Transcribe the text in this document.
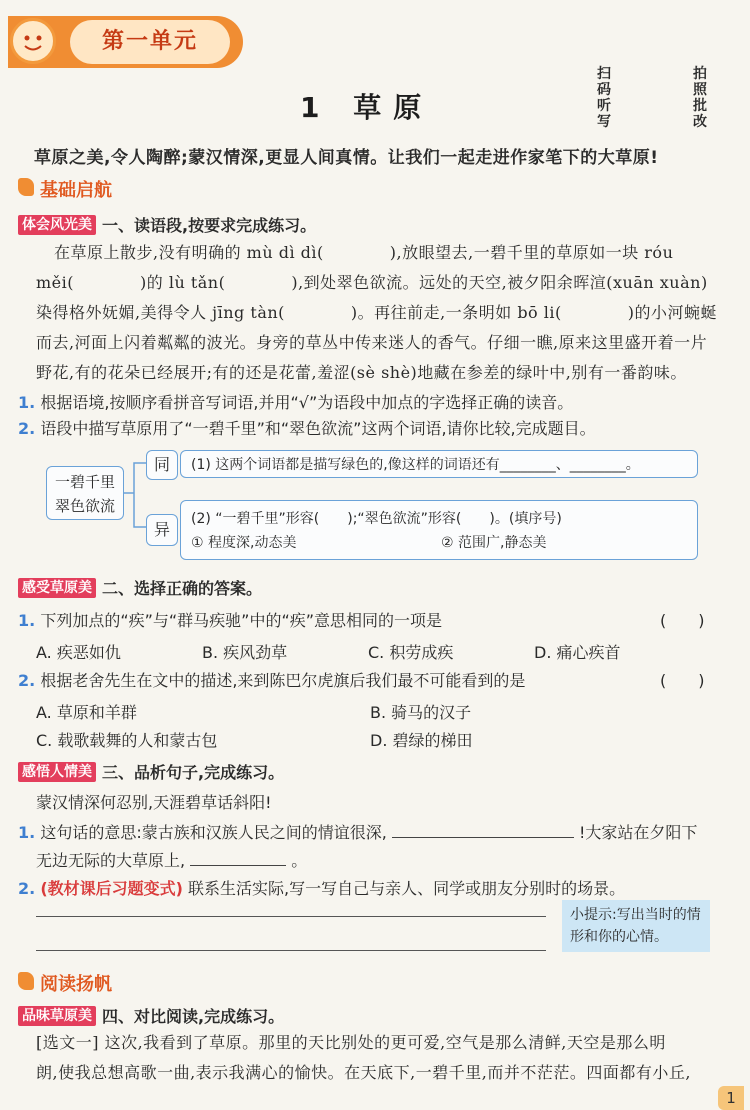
第一单元
扫码听写
拍照批改
1 草原
草原之美,令人陶醉;蒙汉情深,更显人间真情。让我们一起走进作家笔下的大草原!
基础启航
体会风光美 一、读语段,按要求完成练习。
在草原上散步,没有明确的 mù dì dì(　　　　),放眼望去,一碧千里的草原如一块 róu
měi(　　　　)的 lù tǎn(　　　　),到处翠色欲流。远处的天空,被夕阳余晖渲(xuān xuàn)
染得格外妩媚,美得令人 jīng tàn(　　　　)。再往前走,一条明如 bō li(　　　　)的小河蜿蜒
而去,河面上闪着粼粼的波光。身旁的草丛中传来迷人的香气。仔细一瞧,原来这里盛开着一片
野花,有的花朵已经展开;有的还是花蕾,羞涩(sè shè)地藏在参差的绿叶中,别有一番韵味。
1. 根据语境,按顺序看拼音写词语,并用“√”为语段中加点的字选择正确的读音。
2. 语段中描写草原用了“一碧千里”和“翠色欲流”这两个词语,请你比较,完成题目。
一碧千里
翠色欲流
同	(1) 这两个词语都是描写绿色的,像这样的词语还有________、________。
异
(2) “一碧千里”形容(　　);“翠色欲流”形容(　　)。(填序号)
① 程度深,动态美	② 范围广,静态美
感受草原美 二、选择正确的答案。
1. 下列加点的“疾”与“群马疾驰”中的“疾”意思相同的一项是	(　　)
A. 疾恶如仇	B. 疾风劲草	C. 积劳成疾	D. 痛心疾首
2. 根据老舍先生在文中的描述,来到陈巴尔虎旗后我们最不可能看到的是	(　　)
A. 草原和羊群	B. 骑马的汉子
C. 载歌载舞的人和蒙古包	D. 碧绿的梯田
感悟人情美 三、品析句子,完成练习。
蒙汉情深何忍别,天涯碧草话斜阳!
1. 这句话的意思:蒙古族和汉族人民之间的情谊很深,	!大家站在夕阳下
无边无际的大草原上,	。
2. (教材课后习题变式) 联系生活实际,写一写自己与亲人、同学或朋友分别时的场景。
小提示:写出当时的情形和你的心情。
阅读扬帆
品味草原美 四、对比阅读,完成练习。
[选文一] 这次,我看到了草原。那里的天比别处的更可爱,空气是那么清鲜,天空是那么明
朗,使我总想高歌一曲,表示我满心的愉快。在天底下,一碧千里,而并不茫茫。四面都有小丘,
1
